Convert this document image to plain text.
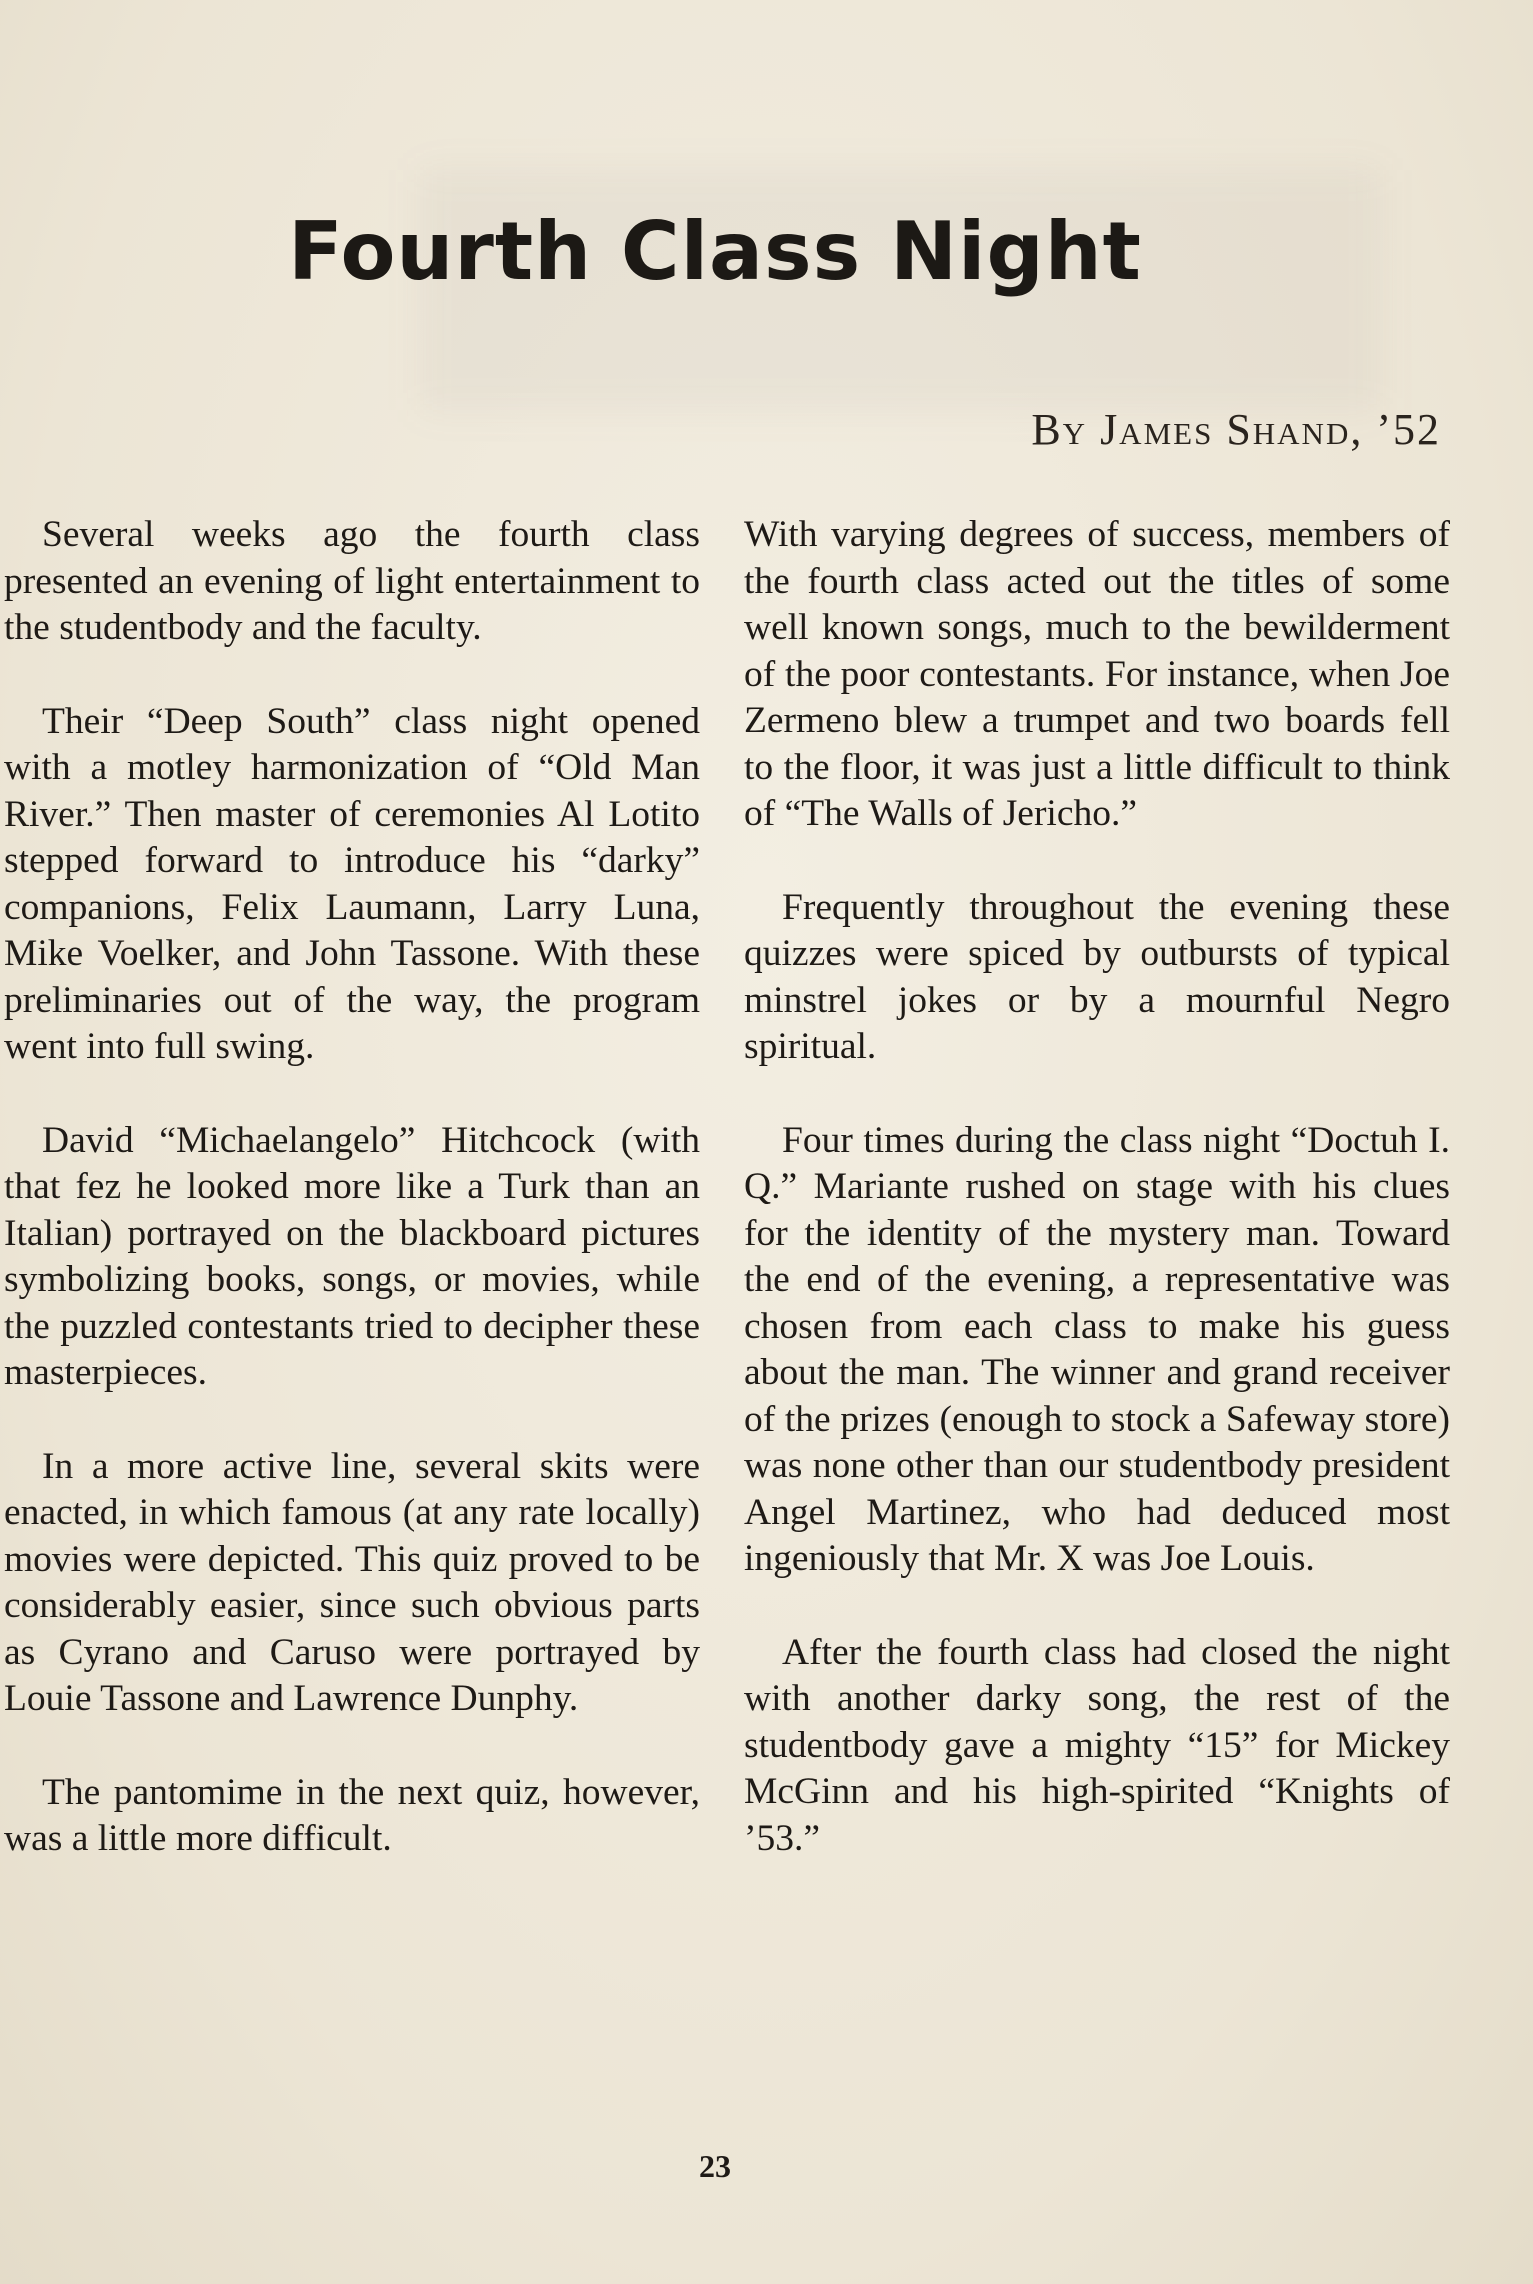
Fourth Class Night

By James Shand, ’52

Several weeks ago the fourth class presented an evening of light entertainment to the studentbody and the faculty.

Their “Deep South” class night opened with a motley harmonization of “Old Man River.” Then master of ceremonies Al Lotito stepped forward to introduce his “darky” companions, Felix Laumann, Larry Luna, Mike Voelker, and John Tassone. With these preliminaries out of the way, the program went into full swing.

David “Michaelangelo” Hitchcock (with that fez he looked more like a Turk than an Italian) portrayed on the blackboard pictures symbolizing books, songs, or movies, while the puzzled contestants tried to decipher these masterpieces.

In a more active line, several skits were enacted, in which famous (at any rate locally) movies were depicted. This quiz proved to be considerably easier, since such obvious parts as Cyrano and Caruso were portrayed by Louie Tassone and Lawrence Dunphy.

The pantomime in the next quiz, however, was a little more difficult.

With varying degrees of success, members of the fourth class acted out the titles of some well known songs, much to the bewilderment of the poor contestants. For instance, when Joe Zermeno blew a trumpet and two boards fell to the floor, it was just a little difficult to think of “The Walls of Jericho.”

Frequently throughout the evening these quizzes were spiced by outbursts of typical minstrel jokes or by a mournful Negro spiritual.

Four times during the class night “Doctuh I. Q.” Mariante rushed on stage with his clues for the identity of the mystery man. Toward the end of the evening, a representative was chosen from each class to make his guess about the man. The winner and grand receiver of the prizes (enough to stock a Safeway store) was none other than our studentbody president Angel Martinez, who had deduced most ingeniously that Mr. X was Joe Louis.

After the fourth class had closed the night with another darky song, the rest of the studentbody gave a mighty “15” for Mickey McGinn and his high-spirited “Knights of ’53.”

23
